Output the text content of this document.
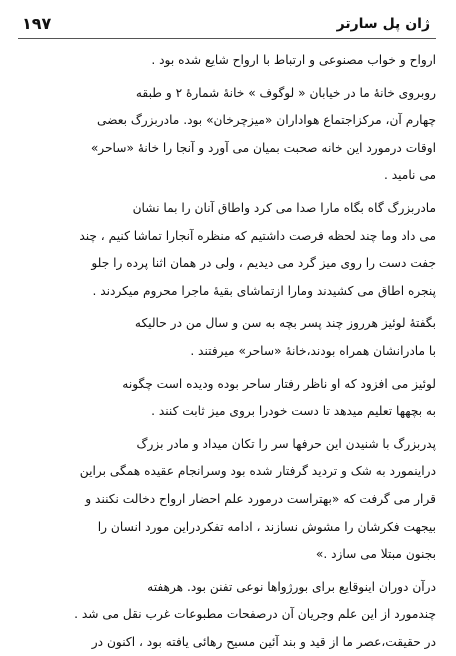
ژان پل سارتر
۱۹۷
ارواح و خواب مصنوعی و ارتباط با ارواح شایع شده بود .
روبروی خانهٔ ما در خیابان « لوگوف » خانهٔ شمارهٔ ۲ و طبقه
چهارم آن، مرکزاجتماع هواداران «میزچرخان» بود. مادربزرگ بعضی
اوقات درمورد این خانه صحبت بمیان می آورد و آنجا را خانهٔ «ساحر»
می نامید .
مادربزرگ گاه بگاه مارا صدا می کرد واطاق آنان را بما نشان
می داد وما چند لحظه فرصت داشتیم که منظره آنجارا تماشا کنیم ، چند
جفت دست را روی میز گرد می دیدیم ، ولی در همان اثنا پرده را جلو
پنجره اطاق می کشیدند ومارا ازتماشای بقیهٔ ماجرا محروم میکردند .
بگفتهٔ لوئیز هرروز چند پسر بچه به سن و سال من در حالیکه
با مادرانشان همراه بودند،خانهٔ «ساحر» میرفتند .
لوئیز می افزود که او ناظر رفتار ساحر بوده ودیده است چگونه
به بچهها تعلیم میدهد تا دست خودرا بروی میز ثابت کنند .
پدربزرگ با شنیدن این حرفها سر را تکان میداد و مادر بزرگ
دراینمورد به شک و تردید گرفتار شده بود وسرانجام عقیده همگی براین
قرار می گرفت که «بهتراست درمورد علم احضار ارواح دخالت نکنند و
بیجهت فکرشان را مشوش نسازند ، ادامه تفکردراین مورد انسان را
بجنون مبتلا می سازد .»
درآن دوران اینوقایع برای بورژواها نوعی تفنن بود. هرهفته
چندمورد از این علم وجریان آن درصفحات مطبوعات غرب نقل می شد .
در حقیقت،عصر ما از قید و بند آئین مسیح رهائی یافته بود ، اکنون در
